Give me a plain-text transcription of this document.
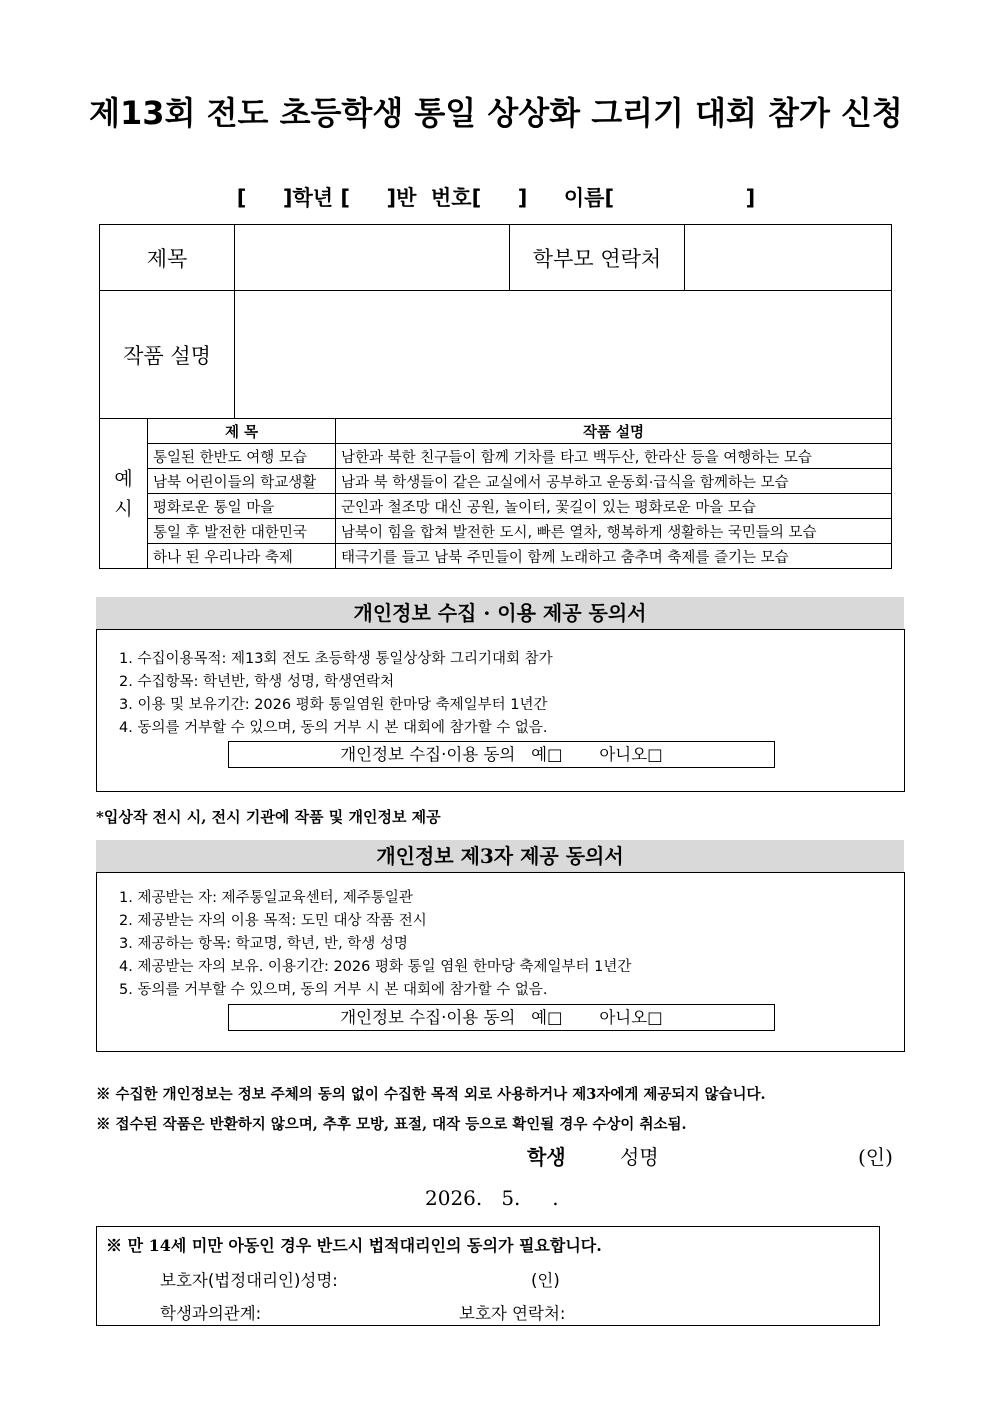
제13회 전도 초등학생 통일 상상화 그리기 대회 참가 신청
[     ]학년 [     ]반  번호[     ]     이름[                  ]
제목		학부모 연락처	
작품 설명			
예
시	제 목	작품 설명
	통일된 한반도 여행 모습	남한과 북한 친구들이 함께 기차를 타고 백두산, 한라산 등을 여행하는 모습
	남북 어린이들의 학교생활	남과 북 학생들이 같은 교실에서 공부하고 운동회·급식을 함께하는 모습
	평화로운 통일 마을	군인과 철조망 대신 공원, 놀이터, 꽃길이 있는 평화로운 마을 모습
	통일 후 발전한 대한민국	남북이 힘을 합쳐 발전한 도시, 빠른 열차, 행복하게 생활하는 국민들의 모습
	하나 된 우리나라 축제	태극기를 들고 남북 주민들이 함께 노래하고 춤추며 축제를 즐기는 모습
개인정보 수집 · 이용 제공 동의서
1. 수집이용목적: 제13회 전도 초등학생 통일상상화 그리기대회 참가
2. 수집항목: 학년반, 학생 성명, 학생연락처
3. 이용 및 보유기간: 2026 평화 통일염원 한마당 축제일부터 1년간
4. 동의를 거부할 수 있으며, 동의 거부 시 본 대회에 참가할 수 없음.
개인정보 수집·이용 동의   예□       아니오□
*입상작 전시 시, 전시 기관에 작품 및 개인정보 제공
개인정보 제3자 제공 동의서
1. 제공받는 자: 제주통일교육센터, 제주통일관
2. 제공받는 자의 이용 목적: 도민 대상 작품 전시
3. 제공하는 항목: 학교명, 학년, 반, 학생 성명
4. 제공받는 자의 보유. 이용기간: 2026 평화 통일 염원 한마당 축제일부터 1년간
5. 동의를 거부할 수 있으며, 동의 거부 시 본 대회에 참가할 수 없음.
개인정보 수집·이용 동의   예□       아니오□
※ 수집한 개인정보는 정보 주체의 동의 없이 수집한 목적 외로 사용하거나 제3자에게 제공되지 않습니다.
※ 접수된 작품은 반환하지 않으며, 추후 모방, 표절, 대작 등으로 확인될 경우 수상이 취소됨.
학생	성명	(인)
2026.   5.     .
※ 만 14세 미만 아동인 경우 반드시 법적대리인의 동의가 필요합니다.
보호자(법정대리인)성명:	(인)
학생과의관계:	보호자 연락처:
